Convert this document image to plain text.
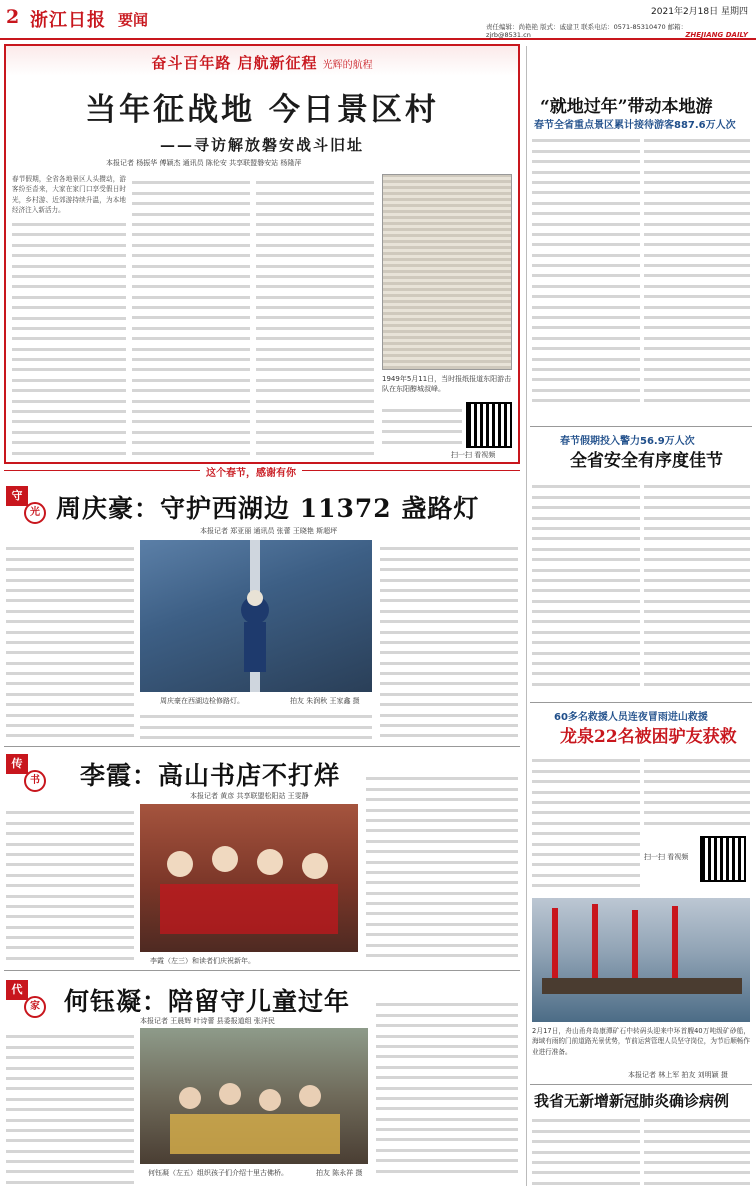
2 浙江日报 要闻	2021年2月18日 星期四
责任编辑：尚艳艳 版式：戚建卫 联系电话：0571-85310470 邮箱：zjrb@8531.cn	ZHEJIANG DAILY
奋斗百年路 启航新征程 光辉的航程
当年征战地 今日景区村
——寻访解放磐安战斗旧址
本报记者 杨振华 傅颖杰 通讯员 陈伦安 共享联盟磐安站 杨隆萍
春节假期，全省各地景区人头攒动，游客纷至沓来，大家在家门口享受假日时光，乡村游、近郊游持续升温，为本地经济注入新活力。
1949年5月11日，当时报纸报道东阳游击队在东阳醇城叔峰。
扫一扫 看视频
这个春节，感谢有你
守
光 周庆豪：守护西湖边 11372 盏路灯
本报记者 郑亚丽 通讯员 张蕾 王晓艳 斯超坪
周庆豪在西湖边检修路灯。	拍友 朱润秋 王家鑫 摄
传
书 李霞：高山书店不打烊
本报记者 黄彦 共享联盟松阳站 王雯静
李霞（左三）和读者们庆祝新年。
代
家 何钰凝：陪留守儿童过年
本报记者 王晨辉 叶诗蕾 县委报道组 张洋民
何钰凝（左五）组织孩子们介绍十里古佛桥。	拍友 陈永祥 摄
“就地过年”带动本地游
春节全省重点景区累计接待游客887.6万人次
春节假期投入警力56.9万人次
全省安全有序度佳节
60多名救援人员连夜冒雨进山救援
龙泉22名被困驴友获救
扫一扫 看视频
2月17日，舟山甬舟岛康潭矿石中转码头迎来中环首艘40万吨级矿砂船，海域有雨的门前道路光景优势，节前运营管理人员坚守岗位，为节后顺畅作业进行准备。
本报记者 林上军 拍友 刘明颖 摄
我省无新增新冠肺炎确诊病例
